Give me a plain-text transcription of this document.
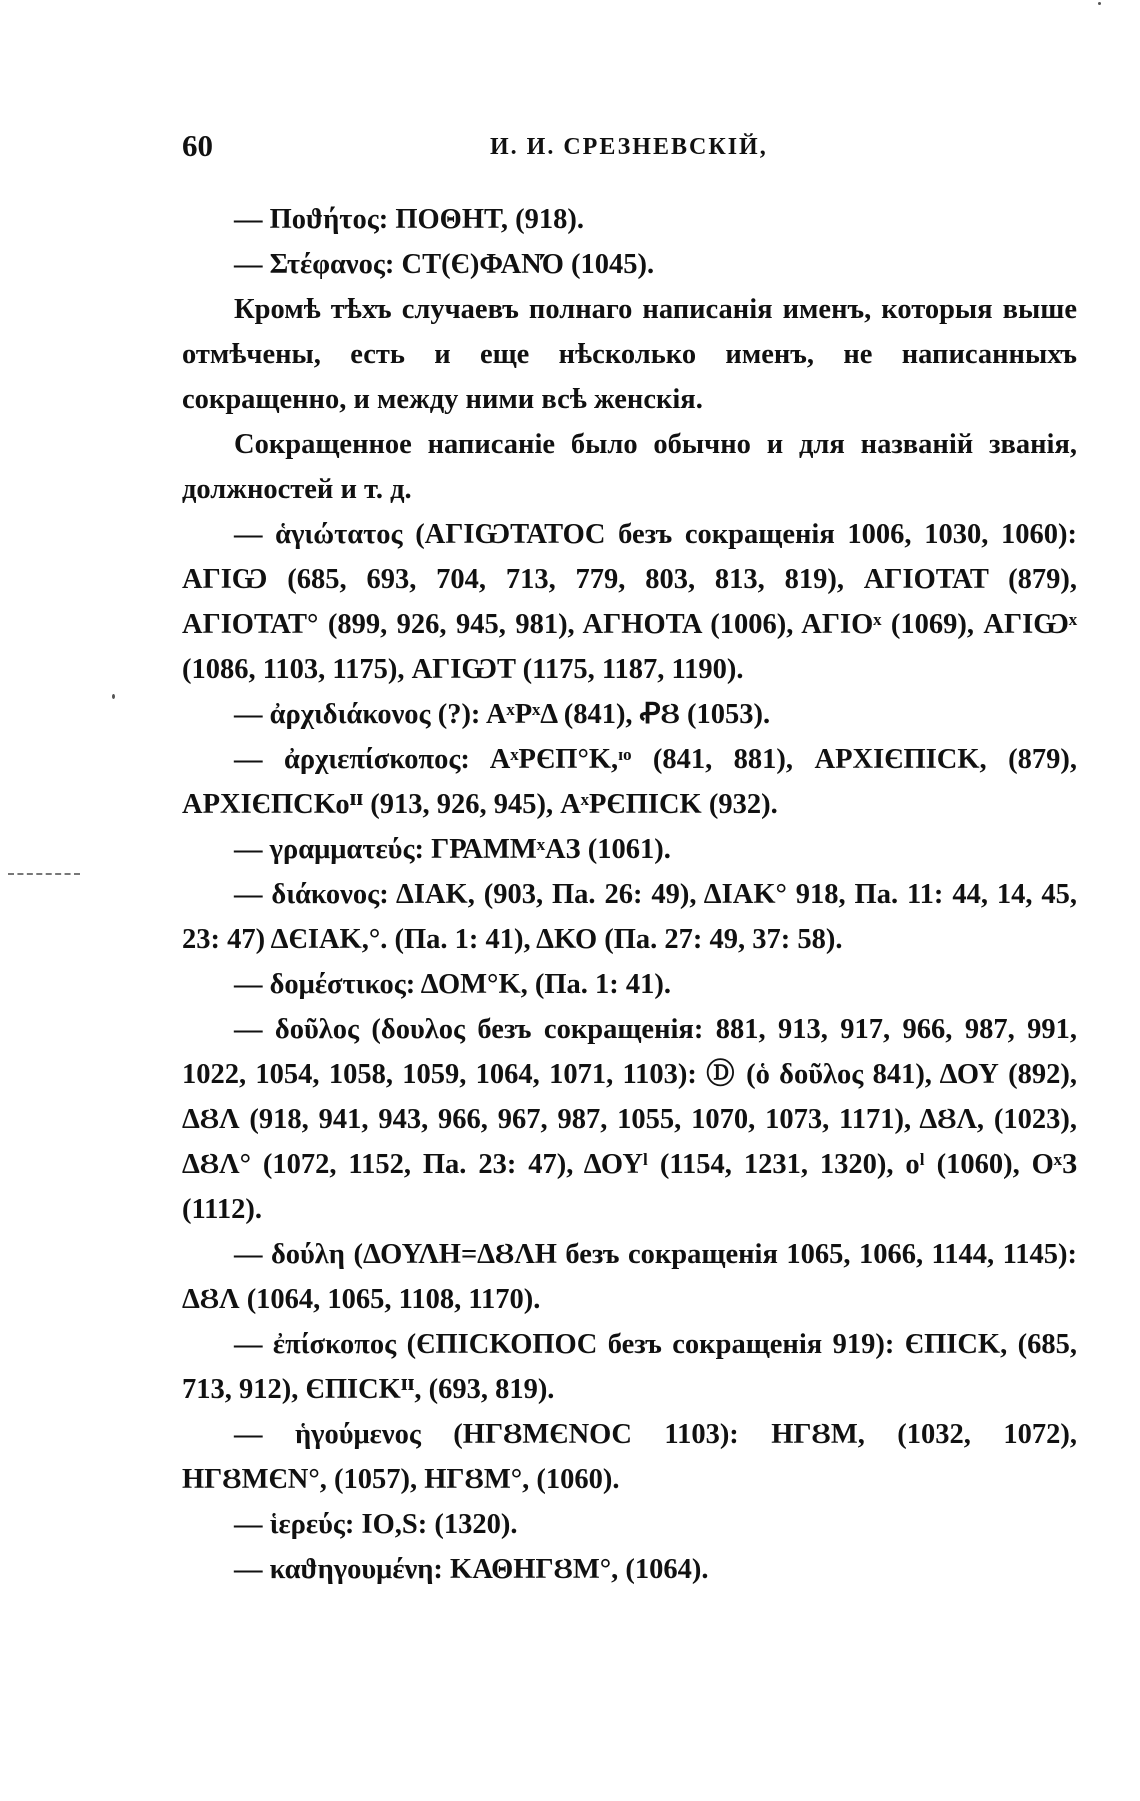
60	И. И. СРЕЗНЕВСКІЙ,

— Ποϑήτος: ΠΟΘΗΤ, (918).

— Στέφανος: CT(Є)ΦΑΝΌ (1045).

Кромѣ тѣхъ случаевъ полнаго написанія именъ, которыя выше отмѣчены, есть и еще нѣсколько именъ, не написанныхъ сокращенно, и между ними всѣ женскія.

Сокращенное написаніе было обычно и для названій званія, должностей и т. д.

— ἁγιώτατος (ΑΓΙѠΤΑΤΟC безъ сокращенія 1006, 1030, 1060): ΑΓΙѠ (685, 693, 704, 713, 779, 803, 813, 819), ΑΓΙΟΤΑΤ (879), ΑΓΙΟΤΑΤ° (899, 926, 945, 981), ΑΓΗΟΤΑ (1006), ΑΓΙΟˣ (1069), ΑΓΙѠˣ (1086, 1103, 1175), ΑΓΙѠΤ (1175, 1187, 1190).

— ἀρχιδιάκονος (?): ΑˣΡˣΔ (841), ꝒȢ (1053).

— ἀρχιεπίσκοπος: ΑˣΡЄΠ°Κ,ᶦᵒ (841, 881), ΑΡΧΙЄΠΙCΚ, (879), ΑΡΧΙЄΠCΚοᴵᴵ (913, 926, 945), ΑˣΡЄΠΙCΚ (932).

— γραμματεύς: ΓΡΑΜΜˣΑЗ (1061).

— διάκονος: ΔΙΑΚ, (903, Па. 26: 49), ΔΙΑΚ° 918, Па. 11: 44, 14, 45, 23: 47) ΔЄΙΑΚ,°. (Па. 1: 41), ΔΚΟ (Па. 27: 49, 37: 58).

— δομέστικος: ΔΟΜ°Κ, (Па. 1: 41).

— δοῦλος (δουλος безъ сокращенія: 881, 913, 917, 966, 987, 991, 1022, 1054, 1058, 1059, 1064, 1071, 1103): Ⓓ (ὁ δοῦλος 841), ΔΟΥ (892), ΔȢΛ (918, 941, 943, 966, 967, 987, 1055, 1070, 1073, 1171), ΔȢΛ, (1023), ΔȢΛ° (1072, 1152, Па. 23: 47), ΔΟΥˡ (1154, 1231, 1320), οˡ (1060), ΟˣЗ (1112).

— δούλη (ΔΟΥΛΗ=ΔȢΛΗ безъ сокращенія 1065, 1066, 1144, 1145): ΔȢΛ (1064, 1065, 1108, 1170).

— ἐπίσκοπος (ЄΠΙCΚΟΠΟC безъ сокращенія 919): ЄΠΙCΚ, (685, 713, 912), ЄΠΙCΚᴵᴵ, (693, 819).

— ἡγούμενος (ΗΓȢΜЄΝΟC 1103): ΗΓȢΜ, (1032, 1072), ΗΓȢΜЄΝ°, (1057), ΗΓȢΜ°, (1060).

— ἱερεύς: ΙΟ,S: (1320).

— καϑηγουμένη: ΚΑΘΗΓȢΜ°, (1064).
